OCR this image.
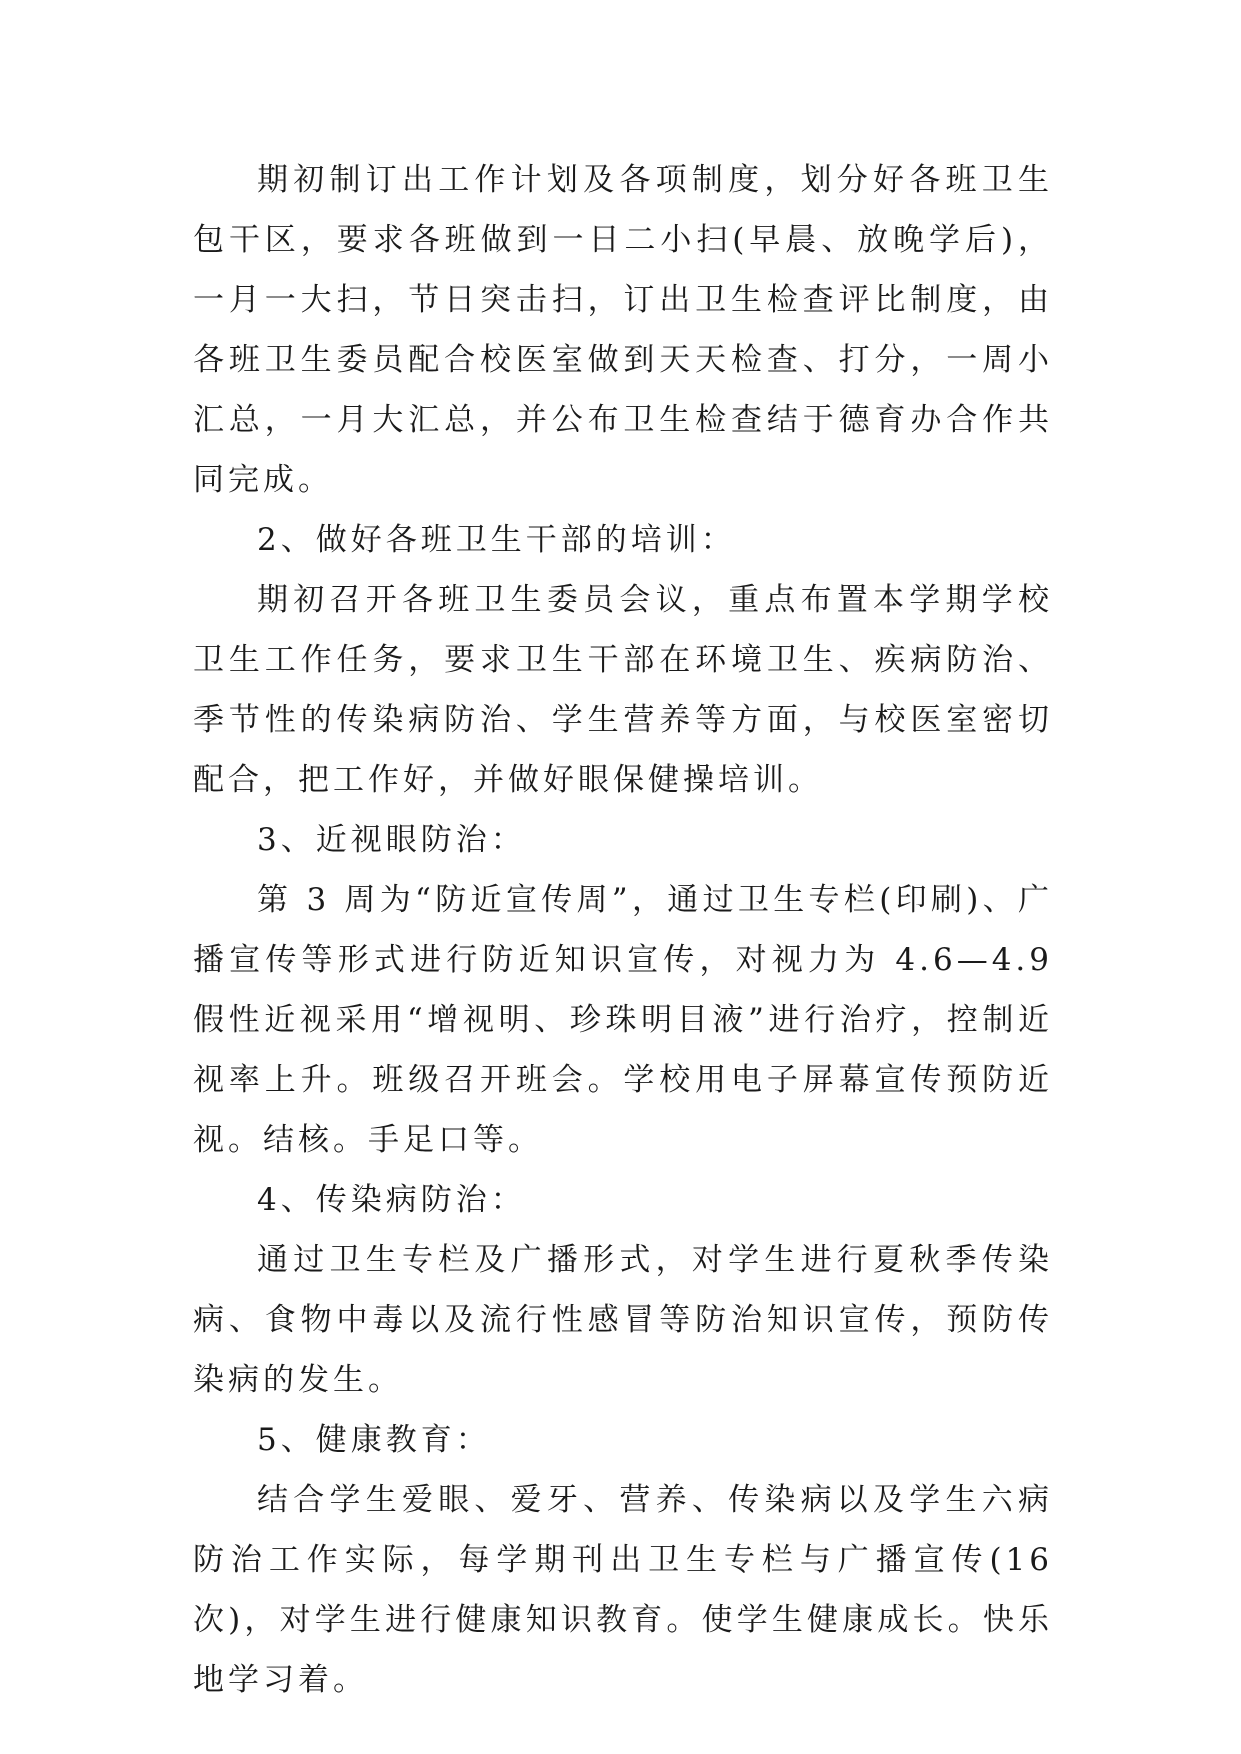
期初制订出工作计划及各项制度，划分好各班卫生包干区，要求各班做到一日二小扫(早晨、放晚学后)，一月一大扫，节日突击扫，订出卫生检查评比制度，由各班卫生委员配合校医室做到天天检查、打分，一周小汇总，一月大汇总，并公布卫生检查结于德育办合作共同完成。

2、做好各班卫生干部的培训：

期初召开各班卫生委员会议，重点布置本学期学校卫生工作任务，要求卫生干部在环境卫生、疾病防治、季节性的传染病防治、学生营养等方面，与校医室密切配合，把工作好，并做好眼保健操培训。

3、近视眼防治：

第 3 周为“防近宣传周”，通过卫生专栏(印刷)、广播宣传等形式进行防近知识宣传，对视力为 4.6—4.9 假性近视采用“增视明、珍珠明目液”进行治疗，控制近视率上升。班级召开班会。学校用电子屏幕宣传预防近视。结核。手足口等。

4、传染病防治：

通过卫生专栏及广播形式，对学生进行夏秋季传染病、食物中毒以及流行性感冒等防治知识宣传，预防传染病的发生。

5、健康教育：

结合学生爱眼、爱牙、营养、传染病以及学生六病防治工作实际，每学期刊出卫生专栏与广播宣传(16 次)，对学生进行健康知识教育。使学生健康成长。快乐地学习着。
